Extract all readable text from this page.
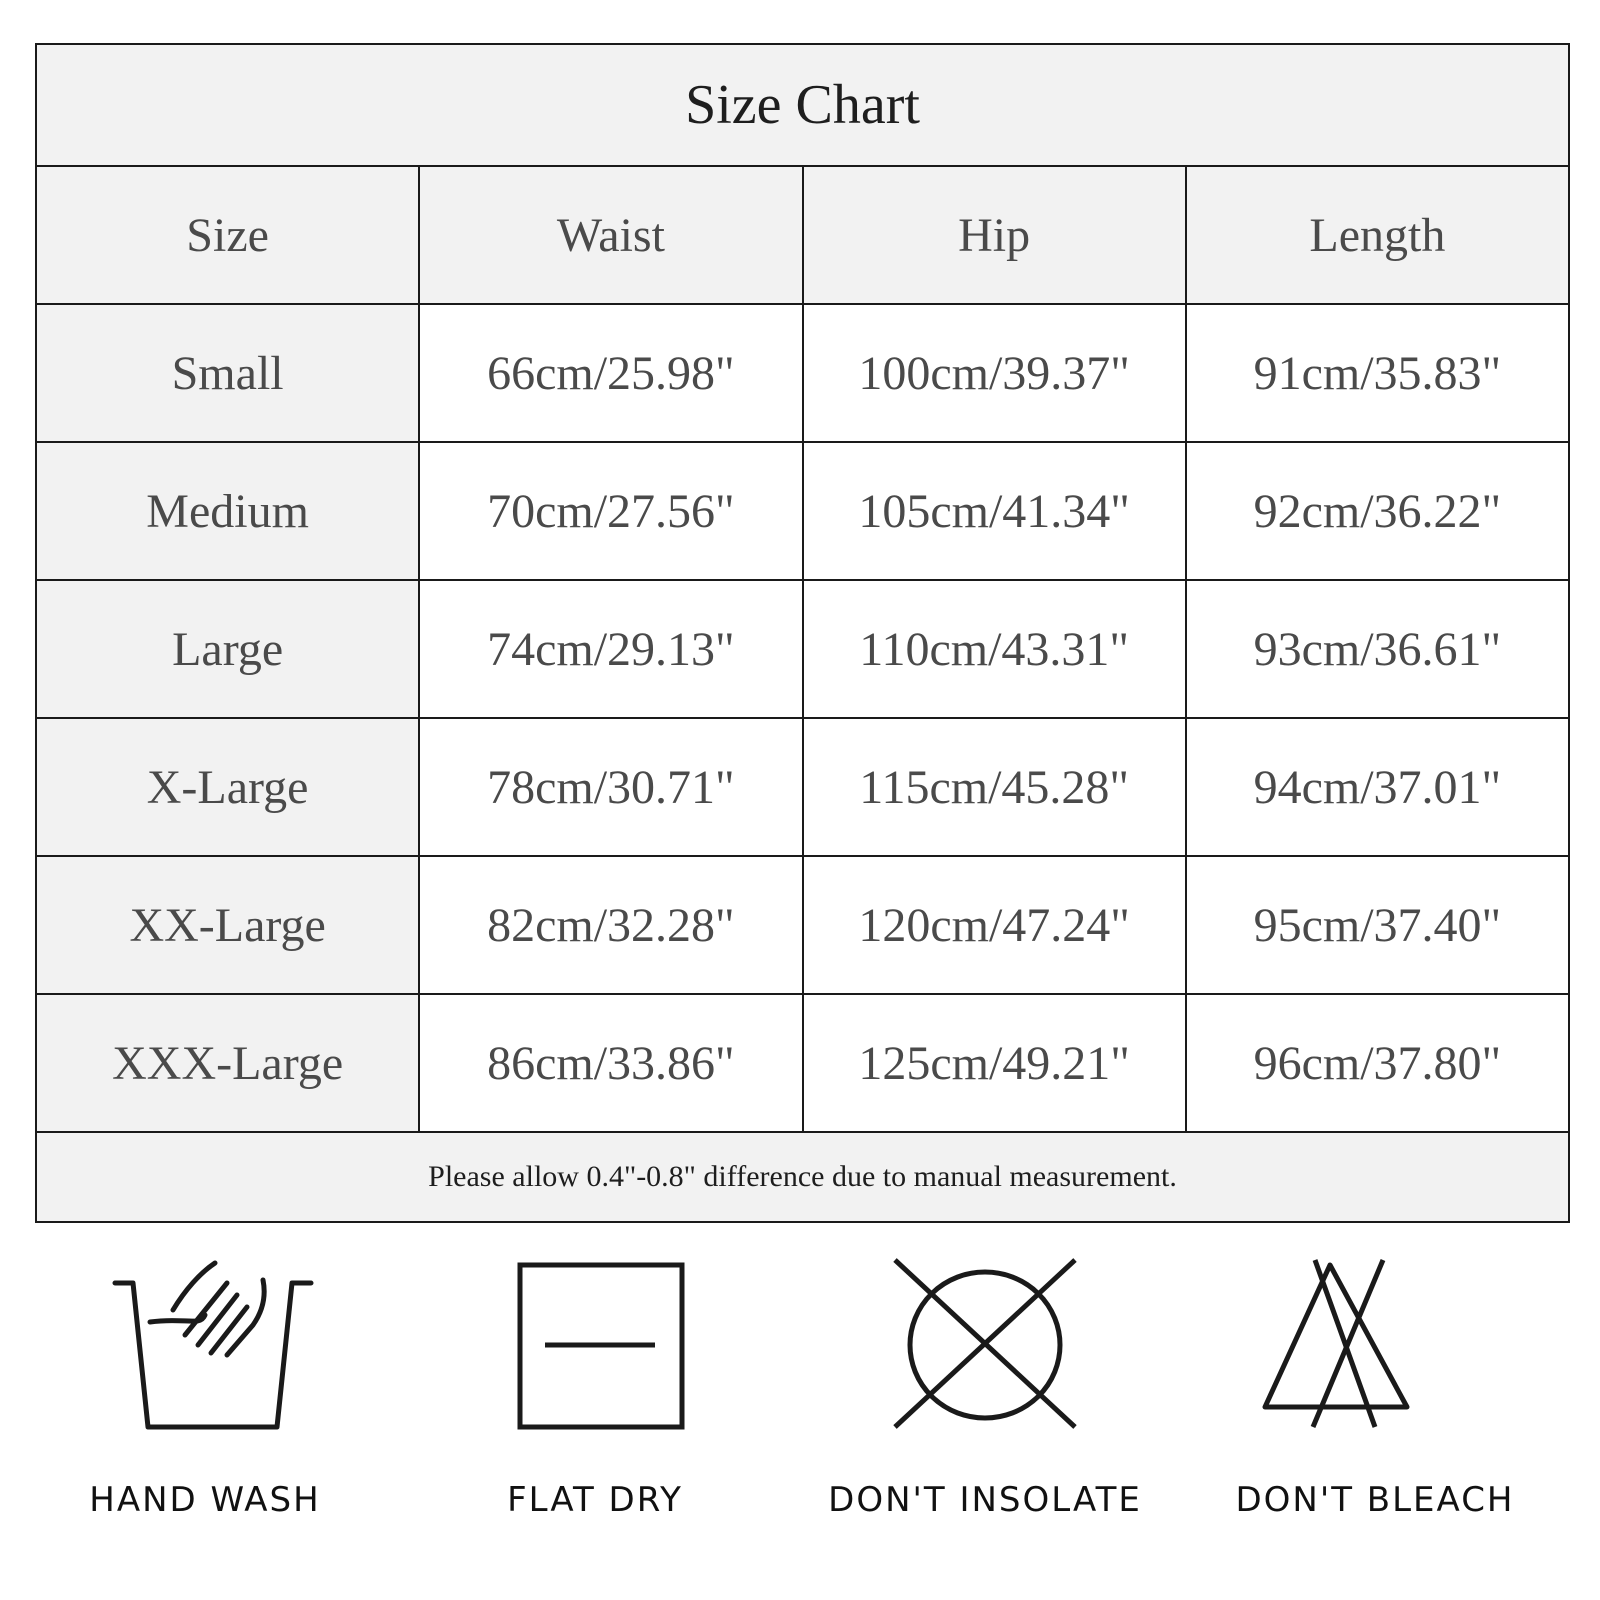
Size Chart			
Size	Waist	Hip	Length
Small	66cm/25.98"	100cm/39.37"	91cm/35.83"
Medium	70cm/27.56"	105cm/41.34"	92cm/36.22"
Large	74cm/29.13"	110cm/43.31"	93cm/36.61"
X-Large	78cm/30.71"	115cm/45.28"	94cm/37.01"
XX-Large	82cm/32.28"	120cm/47.24"	95cm/37.40"
XXX-Large	86cm/33.86"	125cm/49.21"	96cm/37.80"
Please allow 0.4"-0.8" difference due to manual measurement.			
HAND WASH	FLAT DRY	DON'T INSOLATE	DON'T BLEACH
